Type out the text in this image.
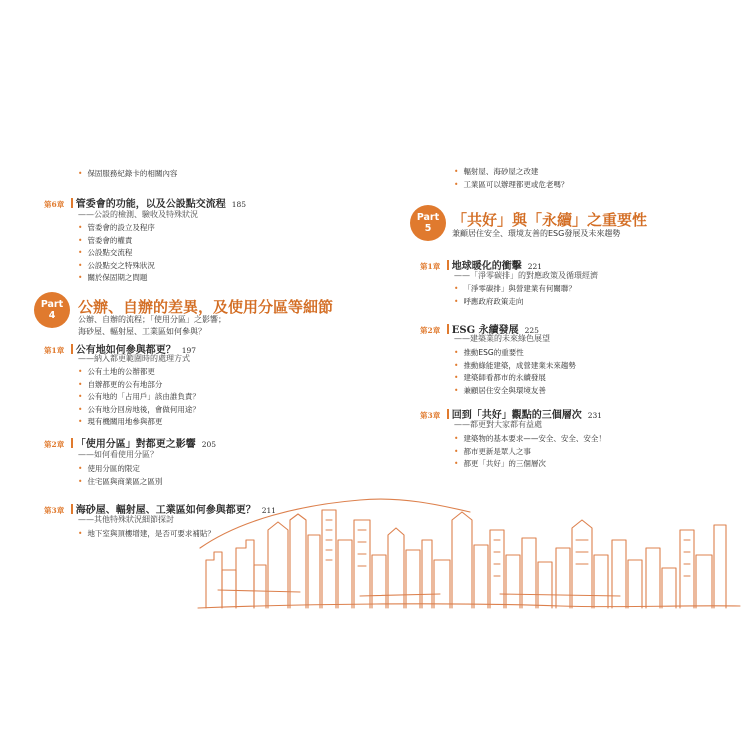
• 保固服務紀錄卡的相關內容
第6章 管委會的功能，以及公設點交流程 185
——公設的檢測、驗收及特殊狀況
• 管委會的設立及程序
• 管委會的權責
• 公設點交流程
• 公設點交之特殊狀況
• 關於保固期之問題
Part
4	公辦、自辦的差異，及使用分區等細節
公辦、自辦的流程；「使用分區」之影響；
海砂屋、輻射屋、工業區如何參與？
第1章 公有地如何參與都更？ 197
——納入都更範圍時的處理方式
• 公有土地的公辦都更
• 自辦都更的公有地部分
• 公有地的「占用戶」該由誰負責？
• 公有地分回房地後，會做何用途？
• 現有機關用地參與都更
第2章 「使用分區」對都更之影響 205
——如何看使用分區？
• 使用分區的限定
• 住宅區與商業區之區別
第3章 海砂屋、輻射屋、工業區如何參與都更？ 211
——其他特殊狀況細節探討
• 地下室與頂樓增建，是否可要求補貼？
• 輻射屋、海砂屋之改建
• 工業區可以辦理都更或危老嗎？
Part
5	「共好」與「永續」之重要性
兼顧居住安全、環境友善的ESG發展及未來趨勢
第1章 地球暖化的衝擊 221
——「淨零碳排」的對應政策及循環經濟
• 「淨零碳排」與營建業有何關聯？
• 呼應政府政策走向
第2章 ESG 永續發展 225
——建築業的未來綠色展望
• 推動ESG的重要性
• 推動綠能建築，成營建業未來趨勢
• 建築師看都市的永續發展
• 兼顧居住安全與環境友善
第3章 回到「共好」觀點的三個層次 231
——都更對大家都有益處
• 建築物的基本要求——安全、安全、安全！
• 都市更新是眾人之事
• 都更「共好」的三個層次
